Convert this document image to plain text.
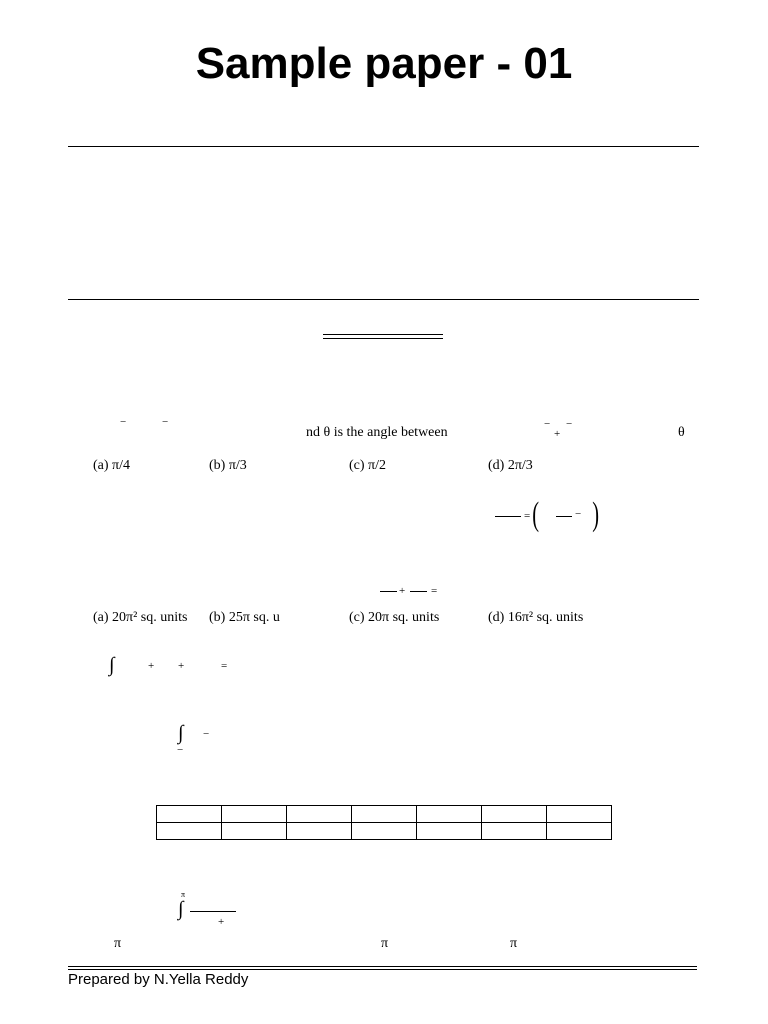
Sample paper - 01
−	−
nd θ is the angle between
− −
+	θ
(a) π/4	(b) π/3	(c) π/2	(d) 2π/3
= (	− )
+ =
(a) 20π² sq. units (b) 25π sq. u	(c) 20π sq. units	(d) 16π² sq. units
∫	+ +	=
∫ −
−

π
∫
+
π	π	π
Prepared by N.Yella Reddy
